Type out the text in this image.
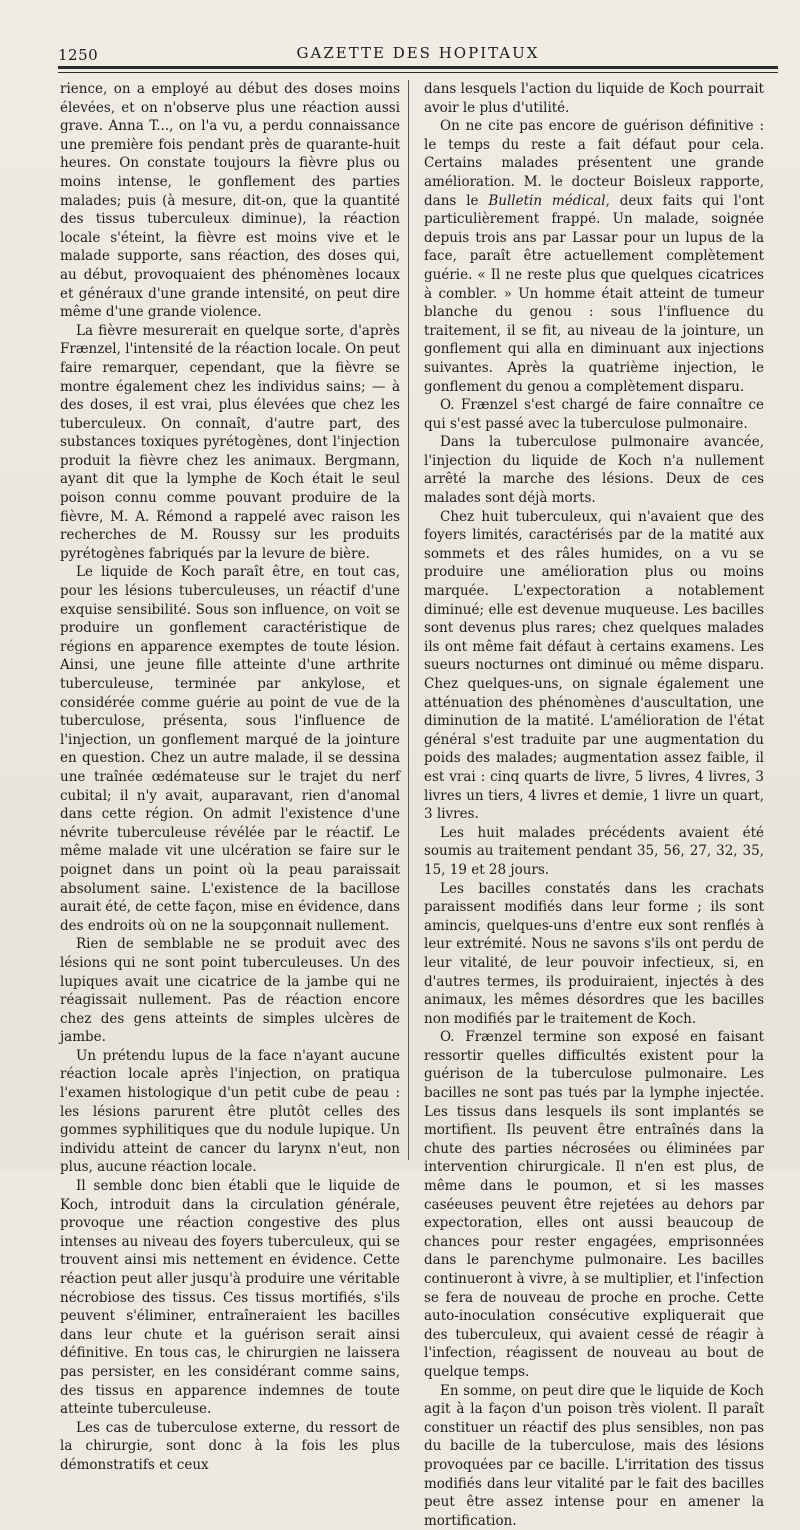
1250	GAZETTE DES HOPITAUX

rience, on a employé au début des doses moins élevées, et on n'observe plus une réaction aussi grave. Anna T..., on l'a vu, a perdu connaissance une première fois pendant près de quarante-huit heures. On constate toujours la fièvre plus ou moins intense, le gonflement des parties malades; puis (à mesure, dit-on, que la quantité des tissus tuberculeux diminue), la réaction locale s'éteint, la fièvre est moins vive et le malade supporte, sans réaction, des doses qui, au début, provoquaient des phénomènes locaux et généraux d'une grande intensité, on peut dire même d'une grande violence.

La fièvre mesurerait en quelque sorte, d'après Frænzel, l'intensité de la réaction locale. On peut faire remarquer, cependant, que la fièvre se montre également chez les individus sains; — à des doses, il est vrai, plus élevées que chez les tuberculeux. On connaît, d'autre part, des substances toxiques pyrétogènes, dont l'injection produit la fièvre chez les animaux. Bergmann, ayant dit que la lymphe de Koch était le seul poison connu comme pouvant produire de la fièvre, M. A. Rémond a rappelé avec raison les recherches de M. Roussy sur les produits pyrétogènes fabriqués par la levure de bière.

Le liquide de Koch paraît être, en tout cas, pour les lésions tuberculeuses, un réactif d'une exquise sensibilité. Sous son influence, on voit se produire un gonflement caractéristique de régions en apparence exemptes de toute lésion. Ainsi, une jeune fille atteinte d'une arthrite tuberculeuse, terminée par ankylose, et considérée comme guérie au point de vue de la tuberculose, présenta, sous l'influence de l'injection, un gonflement marqué de la jointure en question. Chez un autre malade, il se dessina une traînée œdémateuse sur le trajet du nerf cubital; il n'y avait, auparavant, rien d'anomal dans cette région. On admit l'existence d'une névrite tuberculeuse révélée par le réactif. Le même malade vit une ulcération se faire sur le poignet dans un point où la peau paraissait absolument saine. L'existence de la bacillose aurait été, de cette façon, mise en évidence, dans des endroits où on ne la soupçonnait nullement.

Rien de semblable ne se produit avec des lésions qui ne sont point tuberculeuses. Un des lupiques avait une cicatrice de la jambe qui ne réagissait nullement. Pas de réaction encore chez des gens atteints de simples ulcères de jambe.

Un prétendu lupus de la face n'ayant aucune réaction locale après l'injection, on pratiqua l'examen histologique d'un petit cube de peau : les lésions parurent être plutôt celles des gommes syphilitiques que du nodule lupique. Un individu atteint de cancer du larynx n'eut, non plus, aucune réaction locale.

Il semble donc bien établi que le liquide de Koch, introduit dans la circulation générale, provoque une réaction congestive des plus intenses au niveau des foyers tuberculeux, qui se trouvent ainsi mis nettement en évidence. Cette réaction peut aller jusqu'à produire une véritable nécrobiose des tissus. Ces tissus mortifiés, s'ils peuvent s'éliminer, entraîneraient les bacilles dans leur chute et la guérison serait ainsi définitive. En tous cas, le chirurgien ne laissera pas persister, en les considérant comme sains, des tissus en apparence indemnes de toute atteinte tuberculeuse.

Les cas de tuberculose externe, du ressort de la chirurgie, sont donc à la fois les plus démonstratifs et ceux

dans lesquels l'action du liquide de Koch pourrait avoir le plus d'utilité.

On ne cite pas encore de guérison définitive : le temps du reste a fait défaut pour cela. Certains malades présentent une grande amélioration. M. le docteur Boisleux rapporte, dans le Bulletin médical, deux faits qui l'ont particulièrement frappé. Un malade, soignée depuis trois ans par Lassar pour un lupus de la face, paraît être actuellement complètement guérie. « Il ne reste plus que quelques cicatrices à combler. » Un homme était atteint de tumeur blanche du genou : sous l'influence du traitement, il se fit, au niveau de la jointure, un gonflement qui alla en diminuant aux injections suivantes. Après la quatrième injection, le gonflement du genou a complètement disparu.

O. Frænzel s'est chargé de faire connaître ce qui s'est passé avec la tuberculose pulmonaire.

Dans la tuberculose pulmonaire avancée, l'injection du liquide de Koch n'a nullement arrêté la marche des lésions. Deux de ces malades sont déjà morts.

Chez huit tuberculeux, qui n'avaient que des foyers limités, caractérisés par de la matité aux sommets et des râles humides, on a vu se produire une amélioration plus ou moins marquée. L'expectoration a notablement diminué; elle est devenue muqueuse. Les bacilles sont devenus plus rares; chez quelques malades ils ont même fait défaut à certains examens. Les sueurs nocturnes ont diminué ou même disparu. Chez quelques-uns, on signale également une atténuation des phénomènes d'auscultation, une diminution de la matité. L'amélioration de l'état général s'est traduite par une augmentation du poids des malades; augmentation assez faible, il est vrai : cinq quarts de livre, 5 livres, 4 livres, 3 livres un tiers, 4 livres et demie, 1 livre un quart, 3 livres.

Les huit malades précédents avaient été soumis au traitement pendant 35, 56, 27, 32, 35, 15, 19 et 28 jours.

Les bacilles constatés dans les crachats paraissent modifiés dans leur forme ; ils sont amincis, quelques-uns d'entre eux sont renflés à leur extrémité. Nous ne savons s'ils ont perdu de leur vitalité, de leur pouvoir infectieux, si, en d'autres termes, ils produiraient, injectés à des animaux, les mêmes désordres que les bacilles non modifiés par le traitement de Koch.

O. Frænzel termine son exposé en faisant ressortir quelles difficultés existent pour la guérison de la tuberculose pulmonaire. Les bacilles ne sont pas tués par la lymphe injectée. Les tissus dans lesquels ils sont implantés se mortifient. Ils peuvent être entraînés dans la chute des parties nécrosées ou éliminées par intervention chirurgicale. Il n'en est plus, de même dans le poumon, et si les masses caséeuses peuvent être rejetées au dehors par expectoration, elles ont aussi beaucoup de chances pour rester engagées, emprisonnées dans le parenchyme pulmonaire. Les bacilles continueront à vivre, à se multiplier, et l'infection se fera de nouveau de proche en proche. Cette auto-inoculation consécutive expliquerait que des tuberculeux, qui avaient cessé de réagir à l'infection, réagissent de nouveau au bout de quelque temps.

En somme, on peut dire que le liquide de Koch agit à la façon d'un poison très violent. Il paraît constituer un réactif des plus sensibles, non pas du bacille de la tuberculose, mais des lésions provoquées par ce bacille. L'irritation des tissus modifiés dans leur vitalité par le fait des bacilles peut être assez intense pour en amener la mortification.
